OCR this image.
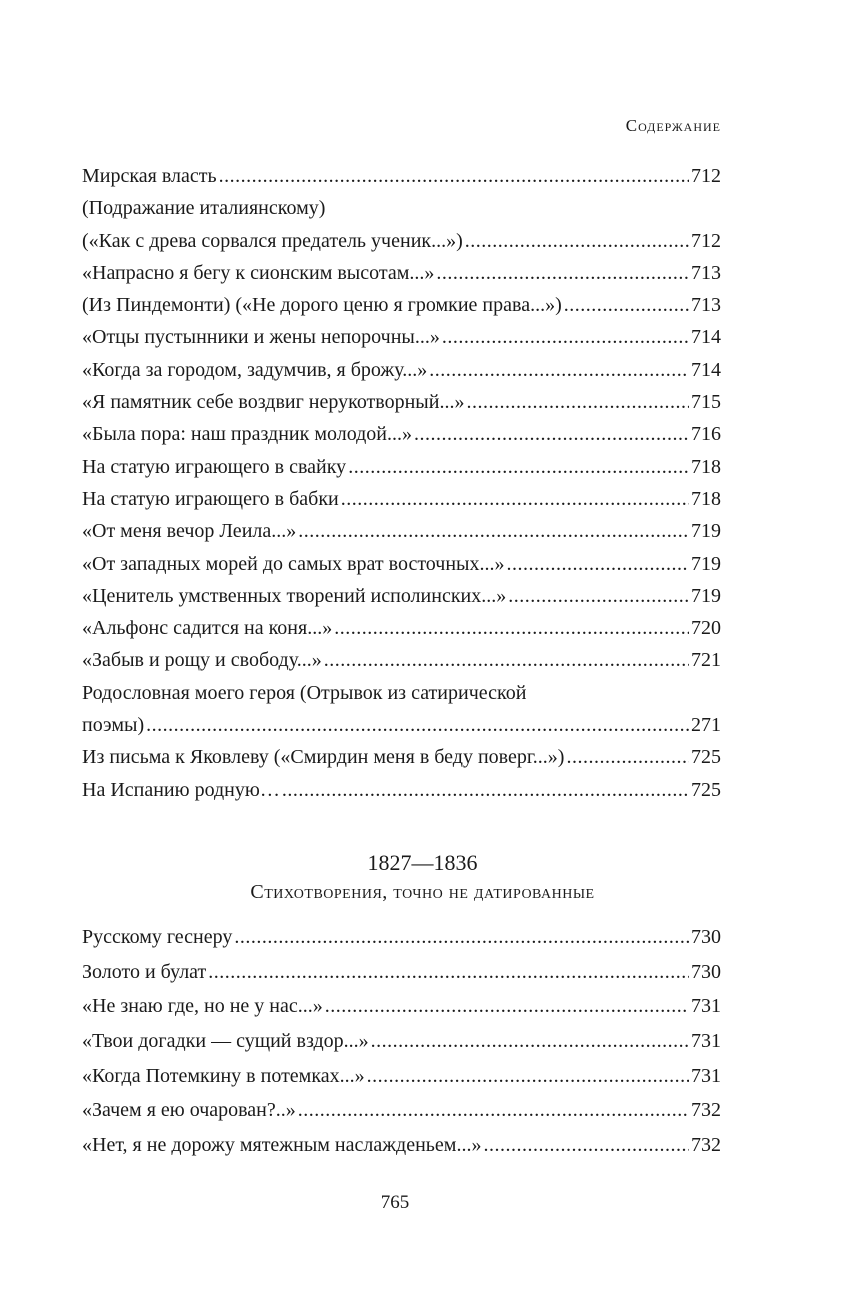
Содержание
Мирская власть .....	712
(Подражание италиянскому)
(«Как с древа сорвался предатель ученик...») .....	712
«Напрасно я бегу к сионским высотам...» .....	713
(Из Пиндемонти) («Не дорого ценю я громкие права...») .....	713
«Отцы пустынники и жены непорочны...» .....	714
«Когда за городом, задумчив, я брожу...» .....	714
«Я памятник себе воздвиг нерукотворный...» .....	715
«Была пора: наш праздник молодой...» .....	716
На статую играющего в свайку .....	718
На статую играющего в бабки .....	718
«От меня вечор Леила...» .....	719
«От западных морей до самых врат восточных...» .....	719
«Ценитель умственных творений исполинских...» .....	719
«Альфонс садится на коня...» .....	720
«Забыв и рощу и свободу...» .....	721
Родословная моего героя (Отрывок из сатирической
поэмы) .....	271
Из письма к Яковлеву («Смирдин меня в беду поверг...») .....	725
На Испанию родную… .....	725
1827—1836
Стихотворения, точно не датированные
Русскому геснеру .....	730
Золото и булат .....	730
«Не знаю где, но не у нас...» .....	731
«Твои догадки — сущий вздор...» .....	731
«Когда Потемкину в потемках...» .....	731
«Зачем я ею очарован?..» .....	732
«Нет, я не дорожу мятежным наслажденьем...» .....	732
765
